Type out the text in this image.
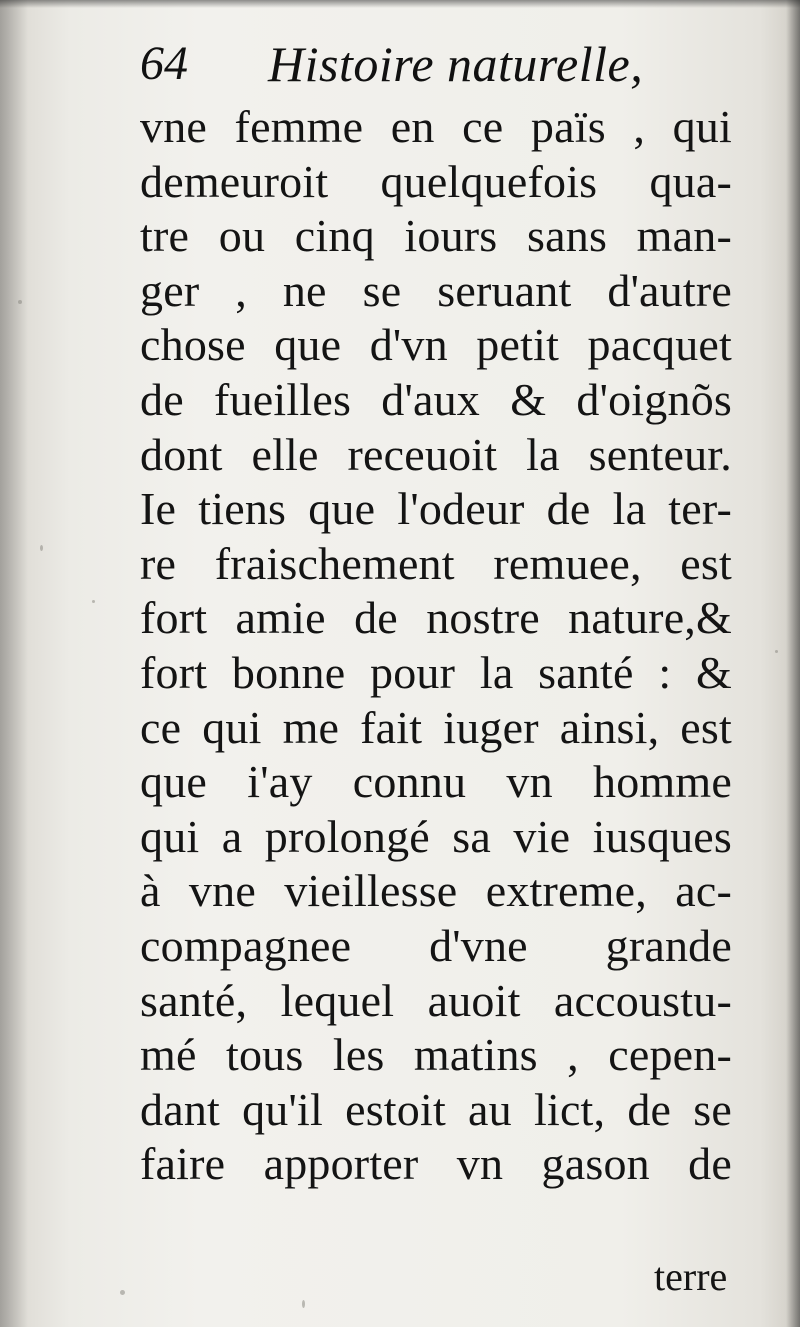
64 Histoire naturelle,
vne femme en ce païs , qui
demeuroit quelquefois qua-
tre ou cinq iours sans man-
ger , ne se seruant d'autre
chose que d'vn petit pacquet
de fueilles d'aux & d'oignõs
dont elle receuoit la senteur.
Ie tiens que l'odeur de la ter-
re fraischement remuee, est
fort amie de nostre nature,&
fort bonne pour la santé : &
ce qui me fait iuger ainsi, est
que i'ay connu vn homme
qui a prolongé sa vie iusques
à vne vieillesse extreme, ac-
compagnee d'vne grande
santé, lequel auoit accoustu-
mé tous les matins , cepen-
dant qu'il estoit au lict, de se
faire apporter vn gason de
terre
